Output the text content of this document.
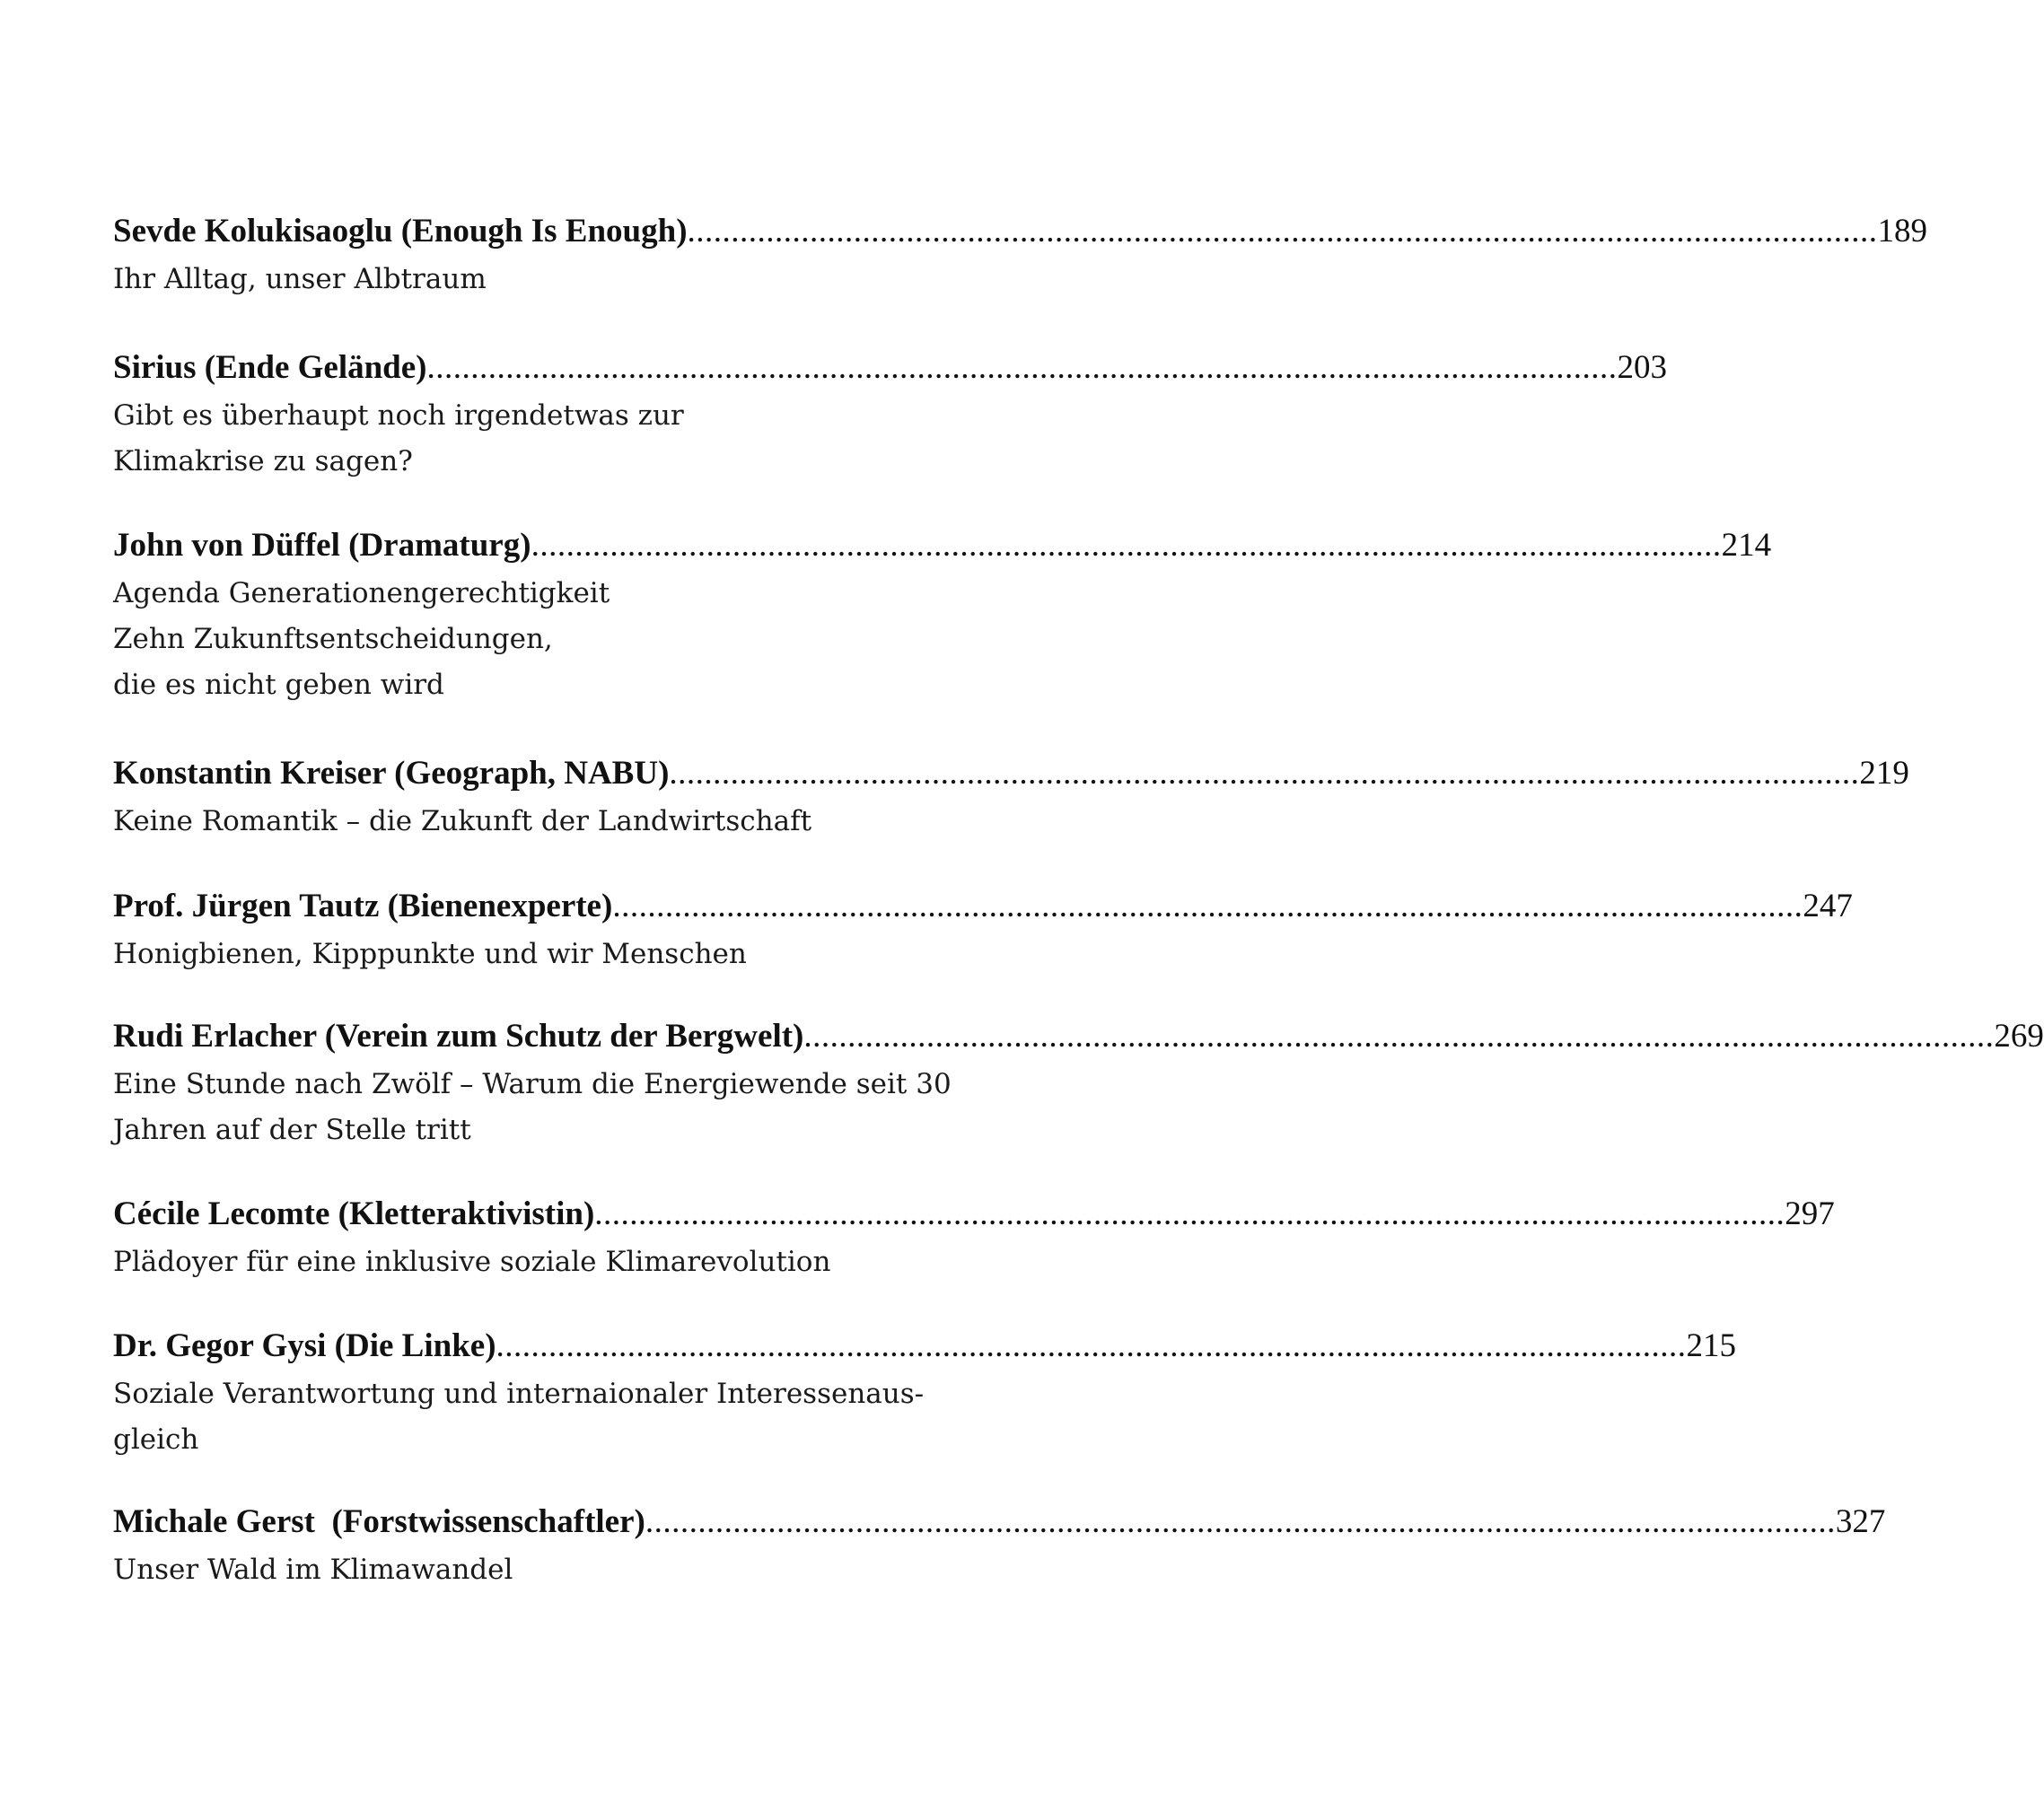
Sevde Kolukisaoglu (Enough Is Enough) ........................................................................................................................................ 189
Ihr Alltag, unser Albtraum
Sirius (Ende Gelände) ........................................................................................................................................ 203
Gibt es überhaupt noch irgendetwas zur
Klimakrise zu sagen?
John von Düffel (Dramaturg) ........................................................................................................................................ 214
Agenda Generationengerechtigkeit
Zehn Zukunftsentscheidungen,
die es nicht geben wird
Konstantin Kreiser (Geograph, NABU) ........................................................................................................................................ 219
Keine Romantik – die Zukunft der Landwirtschaft
Prof. Jürgen Tautz (Bienenexperte) ........................................................................................................................................ 247
Honigbienen, Kipppunkte und wir Menschen
Rudi Erlacher (Verein zum Schutz der Bergwelt) ........................................................................................................................................ 269
Eine Stunde nach Zwölf – Warum die Energiewende seit 30
Jahren auf der Stelle tritt
Cécile Lecomte (Kletteraktivistin) ........................................................................................................................................ 297
Plädoyer für eine inklusive soziale Klimarevolution
Dr. Gegor Gysi (Die Linke) ........................................................................................................................................ 215
Soziale Verantwortung und internaionaler Interessenaus-
gleich
Michale Gerst  (Forstwissenschaftler) ........................................................................................................................................ 327
Unser Wald im Klimawandel
